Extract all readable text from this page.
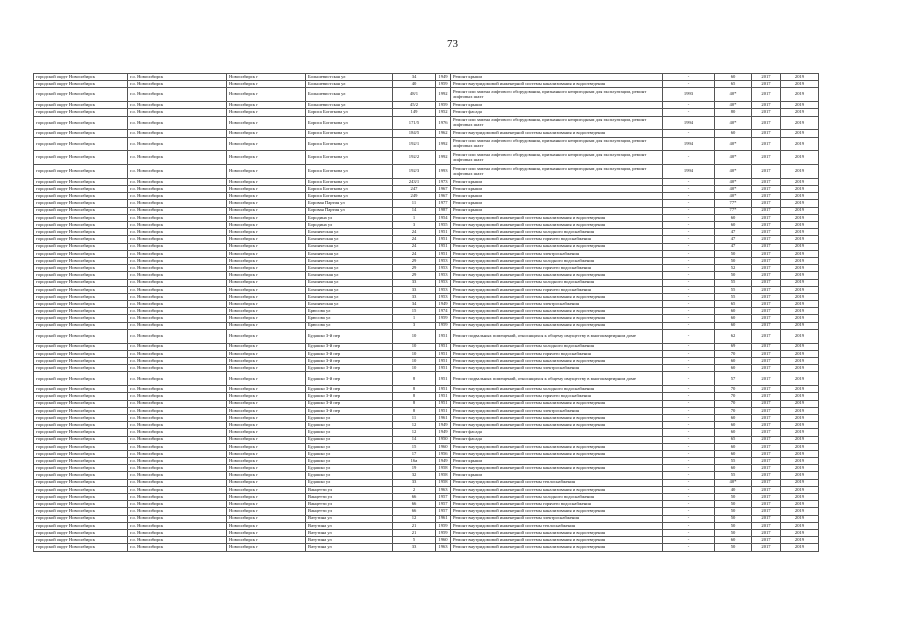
73
городской округ Новосибирск	г.о. Новосибирск	Новосибирск г	Большевистская ул	34	1949	Ремонт крыши	-	60	2017	2019
городской округ Новосибирск	г.о. Новосибирск	Новосибирск г	Большевистская ул	40	1959	Ремонт внутридомовой инженерной системы канализования и водоотведения	-	65	2017	2019
городской округ Новосибирск	г.о. Новосибирск	Новосибирск г	Большевистская ул	48/1	1992	Ремонт или замена лифтового оборудования, признанного непригодным для эксплуатации, ремонт лифтовых шахт	1993	40*	2017	2019
городской округ Новосибирск	г.о. Новосибирск	Новосибирск г	Большевистская ул	45/2	1959	Ремонт крыши	-	40*	2017	2019
городской округ Новосибирск	г.о. Новосибирск	Новосибирск г	Бориса Богаткова ул	149	1952	Ремонт фасада	-	80	2017	2019
городской округ Новосибирск	г.о. Новосибирск	Новосибирск г	Бориса Богаткова ул	171/5	1976	Ремонт или замена лифтового оборудования, признанного непригодным для эксплуатации, ремонт лифтовых шахт	1994	40*	2017	2019
городской округ Новосибирск	г.о. Новосибирск	Новосибирск г	Бориса Богаткова ул	184/5	1962	Ремонт внутридомовой инженерной системы канализования и водоотведения	-	60	2017	2019
городской округ Новосибирск	г.о. Новосибирск	Новосибирск г	Бориса Богаткова ул	192/1	1992	Ремонт или замена лифтового оборудования, признанного непригодным для эксплуатации, ремонт лифтовых шахт	1994	40*	2017	2019
городской округ Новосибирск	г.о. Новосибирск	Новосибирск г	Бориса Богаткова ул	192/2	1992	Ремонт или замена лифтового оборудования, признанного непригодным для эксплуатации, ремонт лифтовых шахт	-	40*	2017	2019
городской округ Новосибирск	г.о. Новосибирск	Новосибирск г	Бориса Богаткова ул	192/3	1993	Ремонт или замена лифтового оборудования, признанного непригодным для эксплуатации, ремонт лифтовых шахт	1994	40*	2017	2019
городской округ Новосибирск	г.о. Новосибирск	Новосибирск г	Бориса Богаткова ул	243/1	1973	Ремонт крыши	-	40*	2017	2019
городской округ Новосибирск	г.о. Новосибирск	Новосибирск г	Бориса Богаткова ул	247	1967	Ремонт крыши	-	40*	2017	2019
городской округ Новосибирск	г.о. Новосибирск	Новосибирск г	Бориса Богаткова ул	249	1967	Ремонт крыши	-	40*	2017	2019
городской округ Новосибирск	г.о. Новосибирск	Новосибирск г	Боровая Партия ул	11	1977	Ремонт крыши	-	77*	2017	2019
городской округ Новосибирск	г.о. Новосибирск	Новосибирск г	Боровая Партия ул	14	1987	Ремонт крыши	-	77*	2017	2019
городской округ Новосибирск	г.о. Новосибирск	Новосибирск г	Бородина ул	1	1954	Ремонт внутридомовой инженерной системы канализования и водоотведения	-	60	2017	2019
городской округ Новосибирск	г.о. Новосибирск	Новосибирск г	Бородина ул	3	1955	Ремонт внутридомовой инженерной системы канализования и водоотведения	-	60	2017	2019
городской округ Новосибирск	г.о. Новосибирск	Новосибирск г	Бохинческая ул	24	1951	Ремонт внутридомовой инженерной системы холодного водоснабжения	-	47	2017	2019
городской округ Новосибирск	г.о. Новосибирск	Новосибирск г	Бохинческая ул	24	1951	Ремонт внутридомовой инженерной системы горячего водоснабжения	-	47	2017	2019
городской округ Новосибирск	г.о. Новосибирск	Новосибирск г	Бохинческая ул	24	1951	Ремонт внутридомовой инженерной системы канализования и водоотведения	-	47	2017	2019
городской округ Новосибирск	г.о. Новосибирск	Новосибирск г	Бохинческая ул	24	1951	Ремонт внутридомовой инженерной системы электроснабжения	-	50	2017	2019
городской округ Новосибирск	г.о. Новосибирск	Новосибирск г	Бохинческая ул	29	1953	Ремонт внутридомовой инженерной системы холодного водоснабжения	-	50	2017	2019
городской округ Новосибирск	г.о. Новосибирск	Новосибирск г	Бохинческая ул	29	1953	Ремонт внутридомовой инженерной системы горячего водоснабжения	-	52	2017	2019
городской округ Новосибирск	г.о. Новосибирск	Новосибирск г	Бохинческая ул	29	1953	Ремонт внутридомовой инженерной системы канализования и водоотведения	-	50	2017	2019
городской округ Новосибирск	г.о. Новосибирск	Новосибирск г	Бохинческая ул	33	1953	Ремонт внутридомовой инженерной системы холодного водоснабжения	-	55	2017	2019
городской округ Новосибирск	г.о. Новосибирск	Новосибирск г	Бохинческая ул	33	1953	Ремонт внутридомовой инженерной системы горячего водоснабжения	-	55	2017	2019
городской округ Новосибирск	г.о. Новосибирск	Новосибирск г	Бохинческая ул	33	1953	Ремонт внутридомовой инженерной системы канализования и водоотведения	-	55	2017	2019
городской округ Новосибирск	г.о. Новосибирск	Новосибирск г	Бохинческая ул	34	1949	Ремонт внутридомовой инженерной системы электроснабжения	-	65	2017	2019
городской округ Новосибирск	г.о. Новосибирск	Новосибирск г	Брюсова ул	15	1974	Ремонт внутридомовой инженерной системы канализования и водоотведения	-	60	2017	2019
городской округ Новосибирск	г.о. Новосибирск	Новосибирск г	Брюсова ул	1	1959	Ремонт внутридомовой инженерной системы канализования и водоотведения	-	60	2017	2019
городской округ Новосибирск	г.о. Новосибирск	Новосибирск г	Брюсова ул	3	1959	Ремонт внутридомовой инженерной системы канализования и водоотведения	-	60	2017	2019
городской округ Новосибирск	г.о. Новосибирск	Новосибирск г	Будашко 3-й пер	10	1951	Ремонт подвальных помещений, относящихся к общему имуществу в многоквартирном доме	-	62	2017	2019
городской округ Новосибирск	г.о. Новосибирск	Новосибирск г	Будашко 3-й пер	10	1951	Ремонт внутридомовой инженерной системы холодного водоснабжения	-	69	2017	2019
городской округ Новосибирск	г.о. Новосибирск	Новосибирск г	Будашко 3-й пер	10	1951	Ремонт внутридомовой инженерной системы горячего водоснабжения	-	70	2017	2019
городской округ Новосибирск	г.о. Новосибирск	Новосибирск г	Будашко 3-й пер	10	1951	Ремонт внутридомовой инженерной системы канализования и водоотведения	-	60	2017	2019
городской округ Новосибирск	г.о. Новосибирск	Новосибирск г	Будашко 3-й пер	10	1951	Ремонт внутридомовой инженерной системы электроснабжения	-	60	2017	2019
городской округ Новосибирск	г.о. Новосибирск	Новосибирск г	Будашко 3-й пер	8	1951	Ремонт подвальных помещений, относящихся к общему имуществу в многоквартирном доме	-	57	2017	2019
городской округ Новосибирск	г.о. Новосибирск	Новосибирск г	Будашко 3-й пер	8	1951	Ремонт внутридомовой инженерной системы холодного водоснабжения	-	70	2017	2019
городской округ Новосибирск	г.о. Новосибирск	Новосибирск г	Будашко 3-й пер	8	1951	Ремонт внутридомовой инженерной системы горячего водоснабжения	-	70	2017	2019
городской округ Новосибирск	г.о. Новосибирск	Новосибирск г	Будашко 3-й пер	8	1951	Ремонт внутридомовой инженерной системы канализования и водоотведения	-	70	2017	2019
городской округ Новосибирск	г.о. Новосибирск	Новосибирск г	Будашко 3-й пер	8	1951	Ремонт внутридомовой инженерной системы электроснабжения	-	70	2017	2019
городской округ Новосибирск	г.о. Новосибирск	Новосибирск г	Будашко ул	11	1961	Ремонт внутридомовой инженерной системы канализования и водоотведения	-	60	2017	2019
городской округ Новосибирск	г.о. Новосибирск	Новосибирск г	Будашко ул	12	1949	Ремонт внутридомовой инженерной системы канализования и водоотведения	-	60	2017	2019
городской округ Новосибирск	г.о. Новосибирск	Новосибирск г	Будашко ул	12	1949	Ремонт фасада	-	60	2017	2019
городской округ Новосибирск	г.о. Новосибирск	Новосибирск г	Будашко ул	14	1950	Ремонт фасада	-	65	2017	2019
городской округ Новосибирск	г.о. Новосибирск	Новосибирск г	Будашко ул	15	1960	Ремонт внутридомовой инженерной системы канализования и водоотведения	-	60	2017	2019
городской округ Новосибирск	г.о. Новосибирск	Новосибирск г	Будашко ул	17	1956	Ремонт внутридомовой инженерной системы канализования и водоотведения	-	60	2017	2019
городской округ Новосибирск	г.о. Новосибирск	Новосибирск г	Будашко ул	16а	1949	Ремонт крыши	-	55	2017	2019
городской округ Новосибирск	г.о. Новосибирск	Новосибирск г	Будашко ул	19	1958	Ремонт внутридомовой инженерной системы канализования и водоотведения	-	60	2017	2019
городской округ Новосибирск	г.о. Новосибирск	Новосибирск г	Будашко ул	32	1958	Ремонт крыши	-	55	2017	2019
городской округ Новосибирск	г.о. Новосибирск	Новосибирск г	Будашко ул	33	1958	Ремонт внутридомовой инженерной системы теплоснабжения	-	40*	2017	2019
городской округ Новосибирск	г.о. Новосибирск	Новосибирск г	Ванцетти ул	2	1963	Ремонт внутридомовой инженерной системы канализования и водоотведения	-	40	2017	2019
городской округ Новосибирск	г.о. Новосибирск	Новосибирск г	Ванцетти ул	66	1957	Ремонт внутридомовой инженерной системы холодного водоснабжения	-	50	2017	2019
городской округ Новосибирск	г.о. Новосибирск	Новосибирск г	Ванцетти ул	66	1957	Ремонт внутридомовой инженерной системы горячего водоснабжения	-	50	2017	2019
городской округ Новосибирск	г.о. Новосибирск	Новосибирск г	Ванцетти ул	66	1957	Ремонт внутридомовой инженерной системы канализования и водоотведения	-	50	2017	2019
городской округ Новосибирск	г.о. Новосибирск	Новосибирск г	Ватутина ул	12	1961	Ремонт внутридомовой инженерной системы электроснабжения	-	50	2017	2019
городской округ Новосибирск	г.о. Новосибирск	Новосибирск г	Ватутина ул	21	1959	Ремонт внутридомовой инженерной системы теплоснабжения	-	50	2017	2019
городской округ Новосибирск	г.о. Новосибирск	Новосибирск г	Ватутина ул	21	1959	Ремонт внутридомовой инженерной системы канализования и водоотведения	-	50	2017	2019
городской округ Новосибирск	г.о. Новосибирск	Новосибирск г	Ватутина ул	5	1960	Ремонт внутридомовой инженерной системы канализования и водоотведения	-	60	2017	2019
городской округ Новосибирск	г.о. Новосибирск	Новосибирск г	Ватутина ул	33	1963	Ремонт внутридомовой инженерной системы канализования и водоотведения	-	50	2017	2019
